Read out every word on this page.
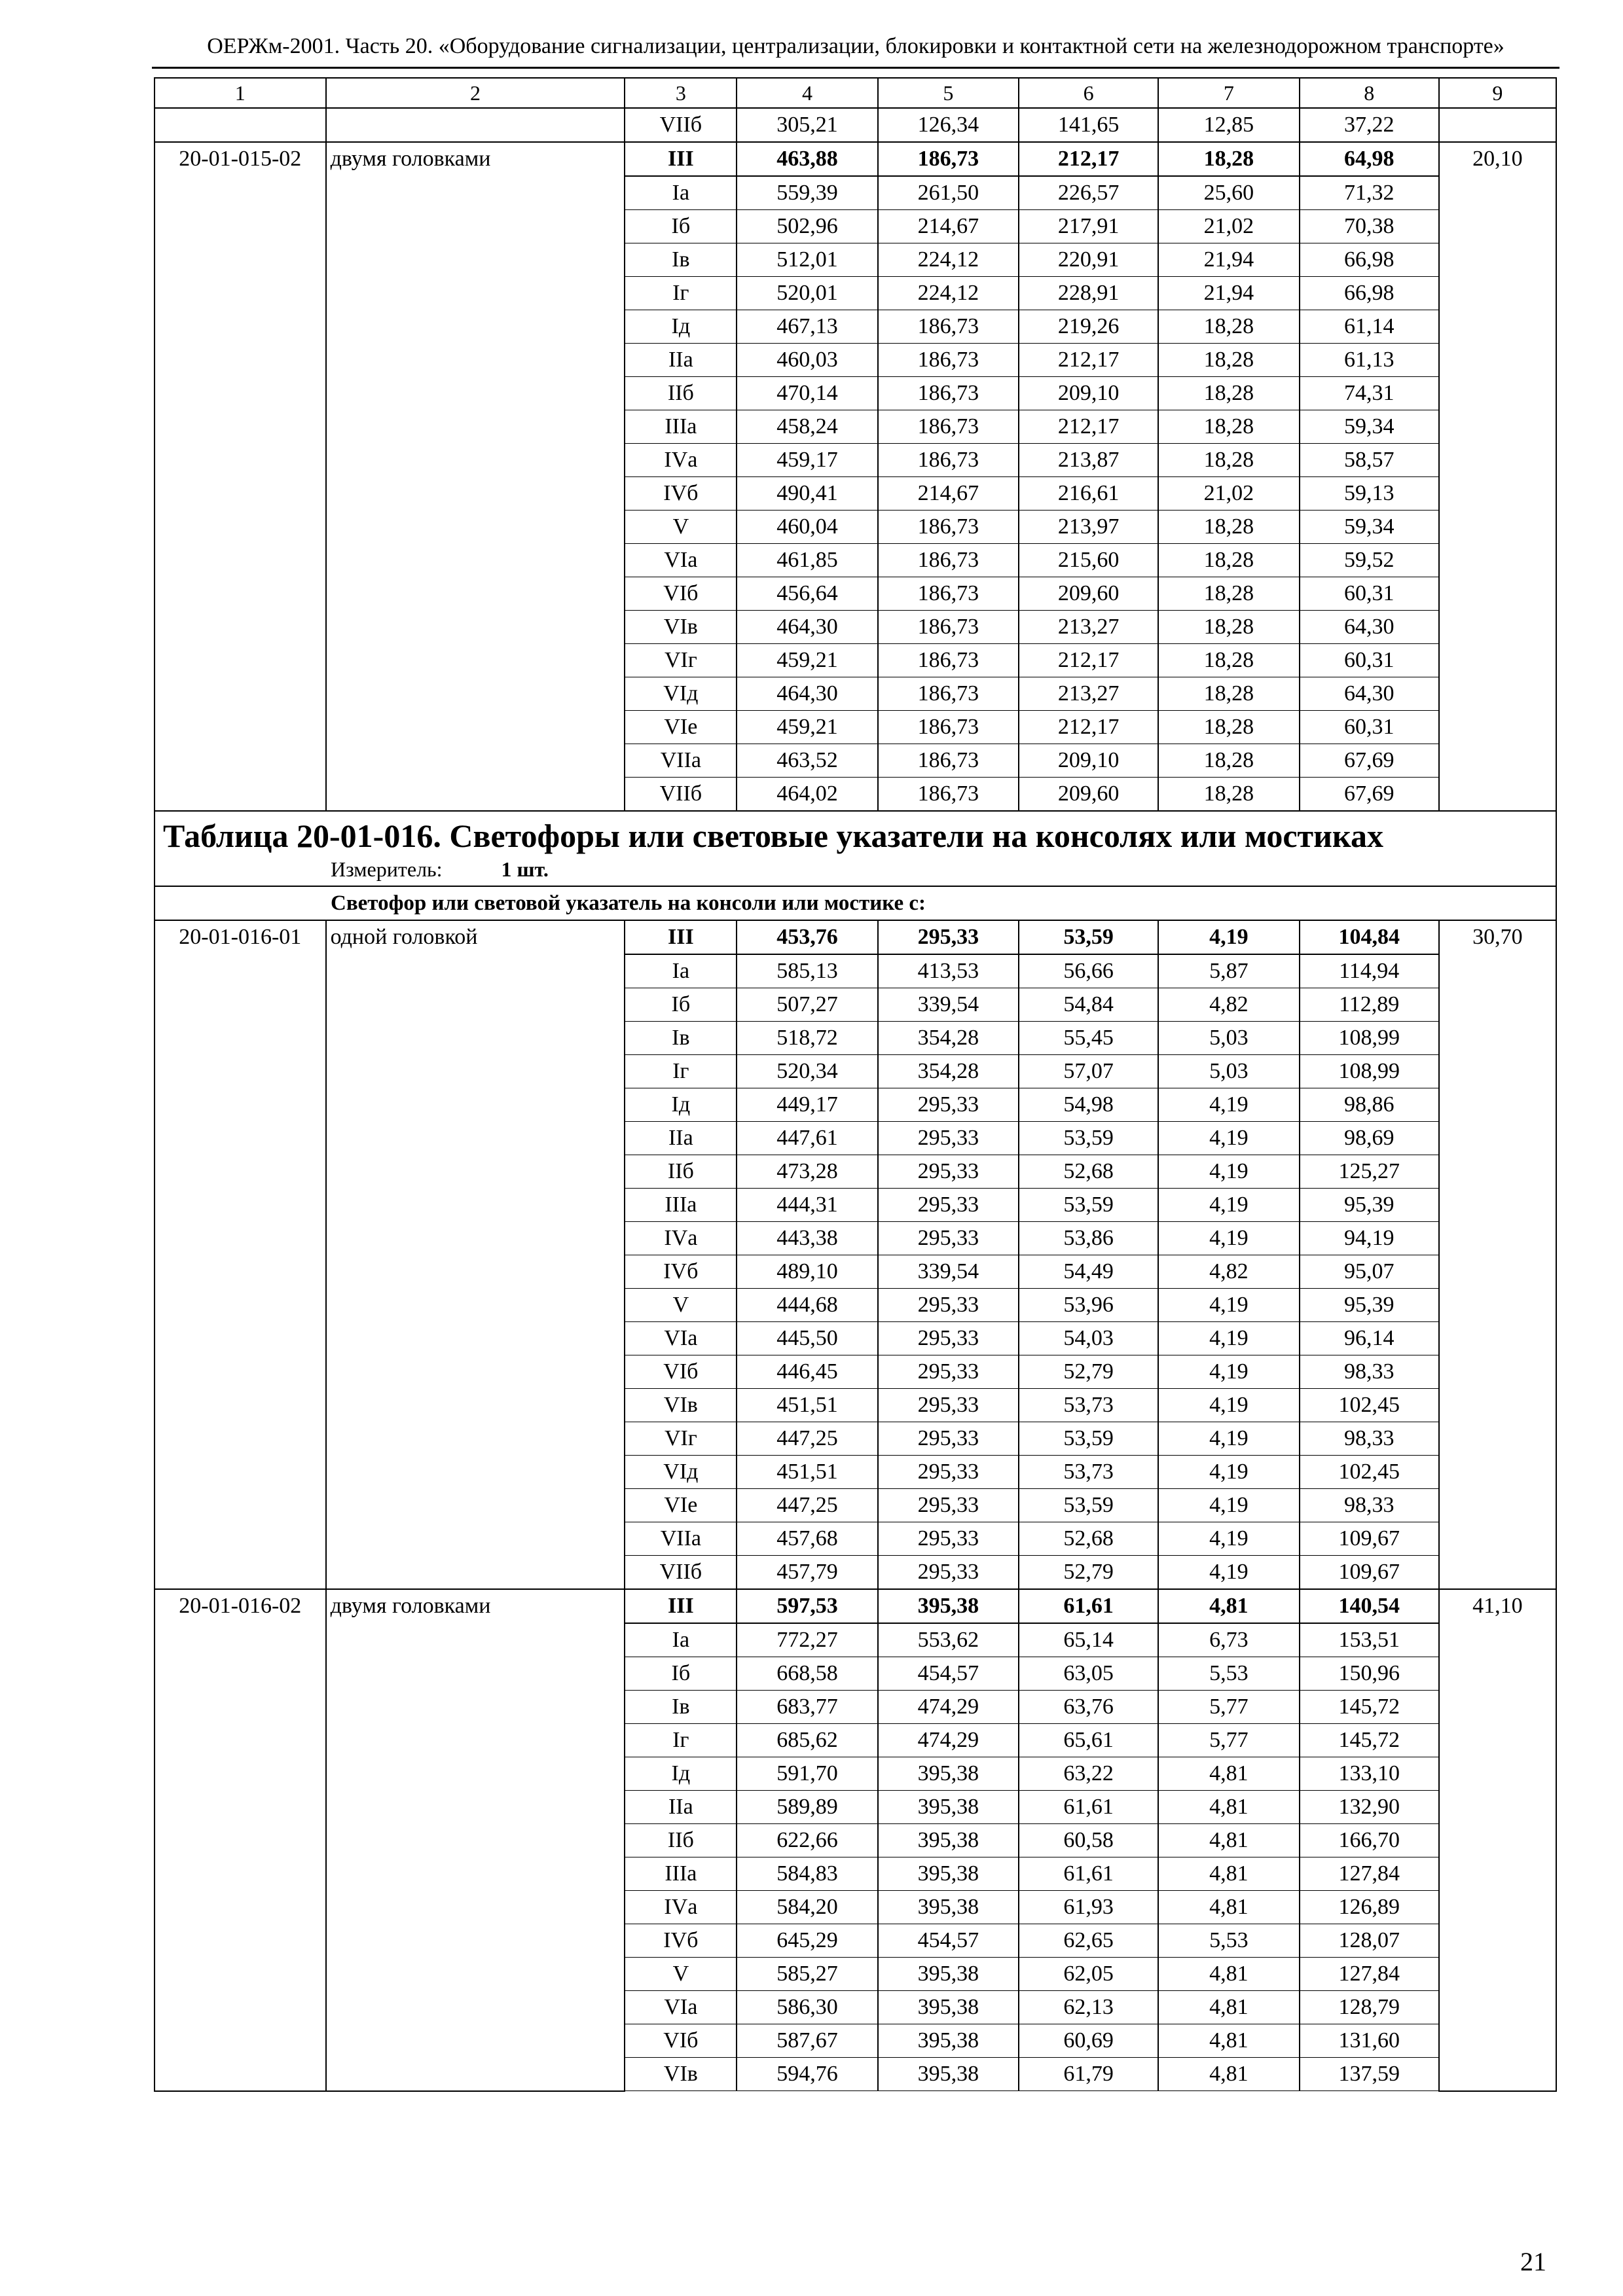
ОЕРЖм-2001. Часть 20. «Оборудование сигнализации, централизации, блокировки и контактной сети на железнодорожном транспорте»
1	2	3	4	5	6	7	8	9
		VIIб	305,21	126,34	141,65	12,85	37,22	
20-01-015-02	двумя головками	III	463,88	186,73	212,17	18,28	64,98	20,10
		Iа	559,39	261,50	226,57	25,60	71,32	
		Iб	502,96	214,67	217,91	21,02	70,38	
		Iв	512,01	224,12	220,91	21,94	66,98	
		Iг	520,01	224,12	228,91	21,94	66,98	
		Iд	467,13	186,73	219,26	18,28	61,14	
		IIа	460,03	186,73	212,17	18,28	61,13	
		IIб	470,14	186,73	209,10	18,28	74,31	
		IIIа	458,24	186,73	212,17	18,28	59,34	
		IVа	459,17	186,73	213,87	18,28	58,57	
		IVб	490,41	214,67	216,61	21,02	59,13	
		V	460,04	186,73	213,97	18,28	59,34	
		VIа	461,85	186,73	215,60	18,28	59,52	
		VIб	456,64	186,73	209,60	18,28	60,31	
		VIв	464,30	186,73	213,27	18,28	64,30	
		VIг	459,21	186,73	212,17	18,28	60,31	
		VIд	464,30	186,73	213,27	18,28	64,30	
		VIе	459,21	186,73	212,17	18,28	60,31	
		VIIа	463,52	186,73	209,10	18,28	67,69	
		VIIб	464,02	186,73	209,60	18,28	67,69	

Таблица 20-01-016. Светофоры или световые указатели на консолях или мостиках
Измеритель: 1 шт.								

Светофор или световой указатель на консоли или мостике с:								
20-01-016-01	одной головкой	III	453,76	295,33	53,59	4,19	104,84	30,70
		Iа	585,13	413,53	56,66	5,87	114,94	
		Iб	507,27	339,54	54,84	4,82	112,89	
		Iв	518,72	354,28	55,45	5,03	108,99	
		Iг	520,34	354,28	57,07	5,03	108,99	
		Iд	449,17	295,33	54,98	4,19	98,86	
		IIа	447,61	295,33	53,59	4,19	98,69	
		IIб	473,28	295,33	52,68	4,19	125,27	
		IIIа	444,31	295,33	53,59	4,19	95,39	
		IVа	443,38	295,33	53,86	4,19	94,19	
		IVб	489,10	339,54	54,49	4,82	95,07	
		V	444,68	295,33	53,96	4,19	95,39	
		VIа	445,50	295,33	54,03	4,19	96,14	
		VIб	446,45	295,33	52,79	4,19	98,33	
		VIв	451,51	295,33	53,73	4,19	102,45	
		VIг	447,25	295,33	53,59	4,19	98,33	
		VIд	451,51	295,33	53,73	4,19	102,45	
		VIе	447,25	295,33	53,59	4,19	98,33	
		VIIа	457,68	295,33	52,68	4,19	109,67	
		VIIб	457,79	295,33	52,79	4,19	109,67	
20-01-016-02	двумя головками	III	597,53	395,38	61,61	4,81	140,54	41,10
		Iа	772,27	553,62	65,14	6,73	153,51	
		Iб	668,58	454,57	63,05	5,53	150,96	
		Iв	683,77	474,29	63,76	5,77	145,72	
		Iг	685,62	474,29	65,61	5,77	145,72	
		Iд	591,70	395,38	63,22	4,81	133,10	
		IIа	589,89	395,38	61,61	4,81	132,90	
		IIб	622,66	395,38	60,58	4,81	166,70	
		IIIа	584,83	395,38	61,61	4,81	127,84	
		IVа	584,20	395,38	61,93	4,81	126,89	
		IVб	645,29	454,57	62,65	5,53	128,07	
		V	585,27	395,38	62,05	4,81	127,84	
		VIа	586,30	395,38	62,13	4,81	128,79	
		VIб	587,67	395,38	60,69	4,81	131,60	
		VIв	594,76	395,38	61,79	4,81	137,59	
21
